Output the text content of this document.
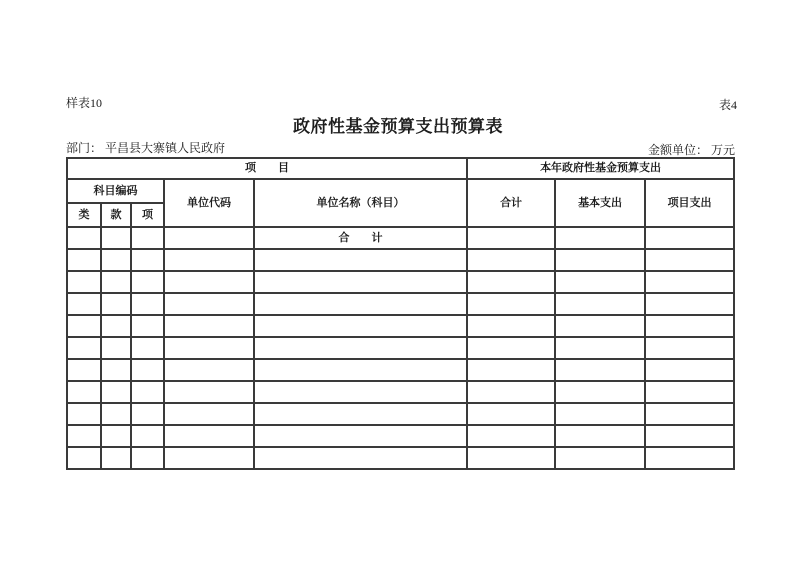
样表10	表4
政府性基金预算支出预算表
部门： 平昌县大寨镇人民政府	金额单位： 万元
项　　目					本年政府性基金预算支出		
科目编码			单位代码	单位名称（科目）	合计	基本支出	项目支出
类	款	项					
				合　　计			
